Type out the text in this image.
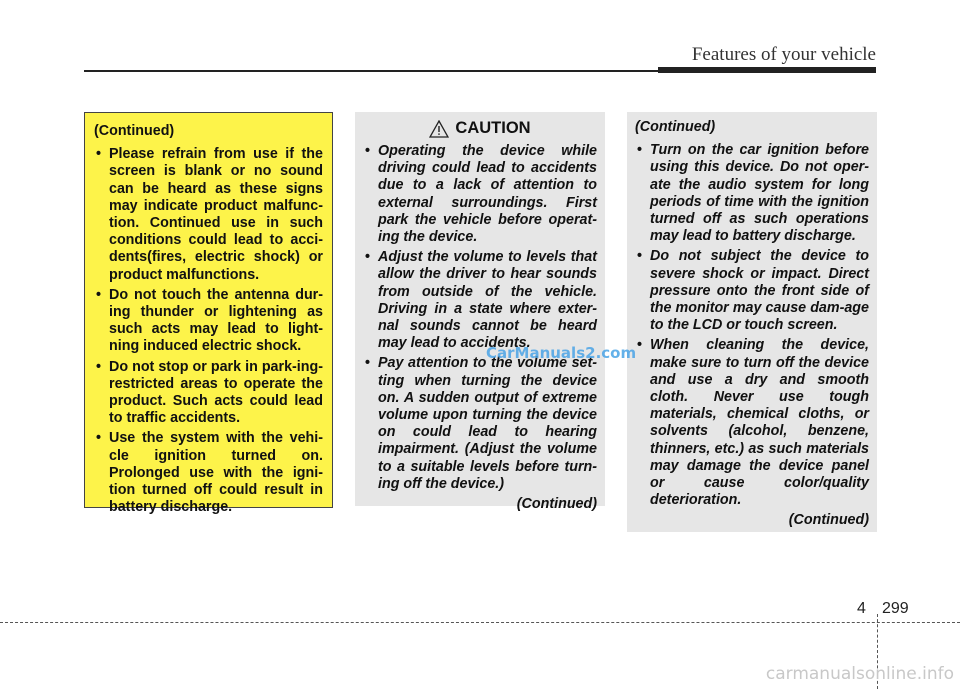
Features of your vehicle
(Continued)
• Please refrain from use if the screen is blank or no sound can be heard as these signs may indicate product malfunc-tion. Continued use in such conditions could lead to acci-dents(fires, electric shock) or product malfunctions.
• Do not touch the antenna dur-ing thunder or lightening as such acts may lead to light-ning induced electric shock.
• Do not stop or park in park-ing-restricted areas to operate the product. Such acts could lead to traffic accidents.
• Use the system with the vehi-cle ignition turned on. Prolonged use with the igni-tion turned off could result in battery discharge.
CAUTION
• Operating the device while driving could lead to accidents due to a lack of attention to external surroundings. First park the vehicle before operat-ing the device.
• Adjust the volume to levels that allow the driver to hear sounds from outside of the vehicle. Driving in a state where exter-nal sounds cannot be heard may lead to accidents.
• Pay attention to the volume set-ting when turning the device on. A sudden output of extreme volume upon turning the device on could lead to hearing impairment. (Adjust the volume to a suitable levels before turn-ing off the device.)
(Continued)
(Continued)
• Turn on the car ignition before using this device. Do not oper-ate the audio system for long periods of time with the ignition turned off as such operations may lead to battery discharge.
• Do not subject the device to severe shock or impact. Direct pressure onto the front side of the monitor may cause dam-age to the LCD or touch screen.
• When cleaning the device, make sure to turn off the device and use a dry and smooth cloth. Never use tough materials, chemical cloths, or solvents (alcohol, benzene, thinners, etc.) as such materials may damage the device panel or cause color/quality deterioration.
(Continued)
CarManuals2.com
4 299
carmanualsonline.info
